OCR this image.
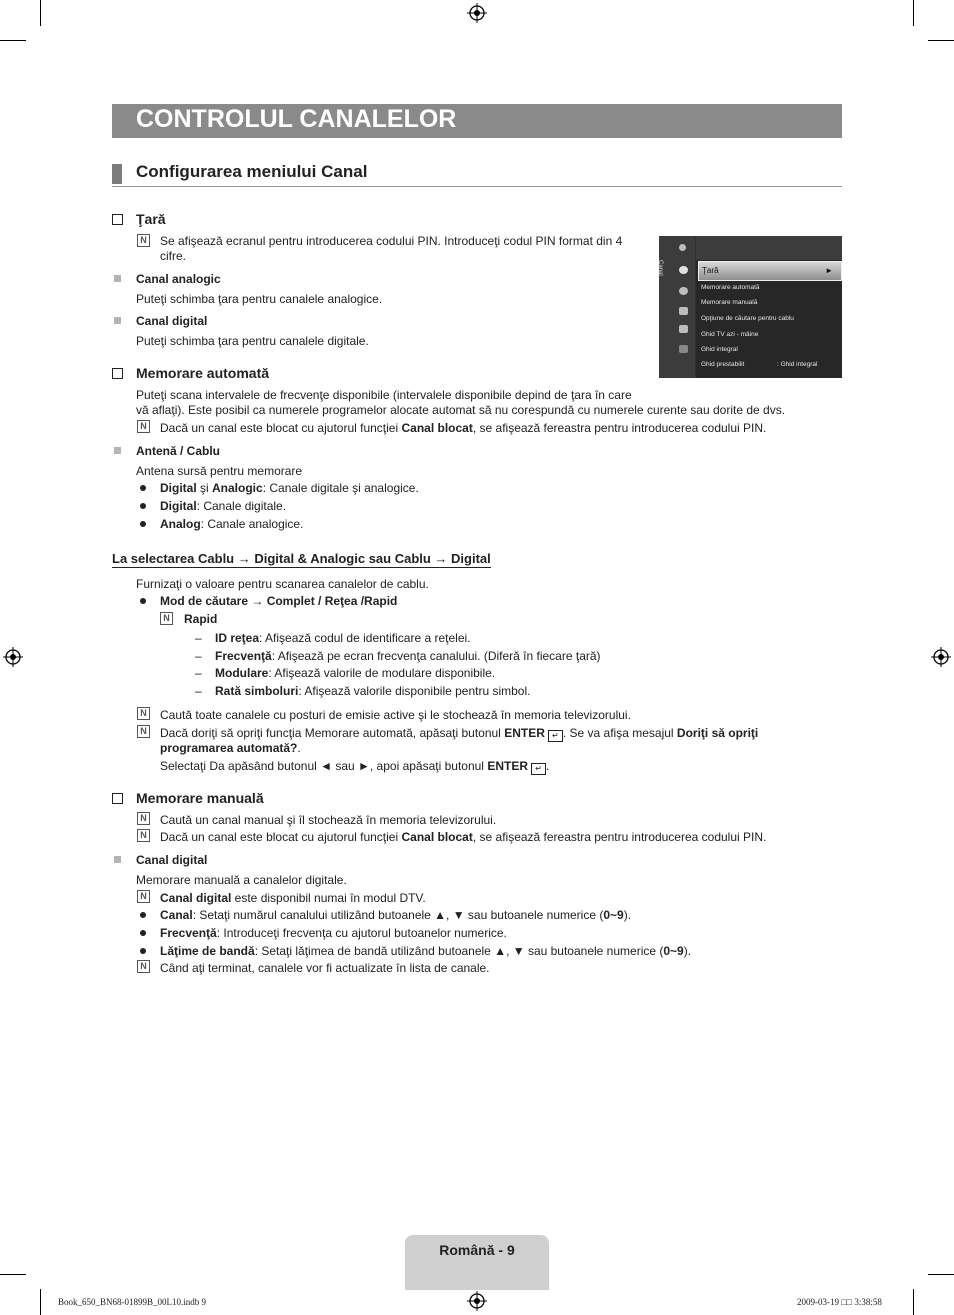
CONTROLUL CANALELOR
Configurarea meniului Canal
Canal	Ţară	►
Memorare automată
Memorare manuală
Opţiune de căutare pentru cablu
Ghid TV azi - mâine
Ghid integral
Ghid prestabilit	: Ghid integral
Ţară
N Se afişează ecranul pentru introducerea codului PIN. Introduceţi codul PIN format din 4
cifre.
Canal analogic
Puteţi schimba ţara pentru canalele analogice.
Canal digital
Puteţi schimba ţara pentru canalele digitale.
Memorare automată
Puteţi scana intervalele de frecvenţe disponibile (intervalele disponibile depind de ţara în care
vă aflaţi). Este posibil ca numerele programelor alocate automat să nu corespundă cu numerele curente sau dorite de dvs.
N Dacă un canal este blocat cu ajutorul funcţiei Canal blocat, se afişează fereastra pentru introducerea codului PIN.
Antenă / Cablu
Antena sursă pentru memorare
Digital şi Analogic: Canale digitale şi analogice.
Digital: Canale digitale.
Analog: Canale analogice.
La selectarea Cablu → Digital & Analogic sau Cablu → Digital
Furnizaţi o valoare pentru scanarea canalelor de cablu.
Mod de căutare → Complet / Reţea /Rapid
N Rapid
– ID reţea: Afişează codul de identificare a reţelei.
– Frecvenţă: Afişează pe ecran frecvenţa canalului. (Diferă în fiecare ţară)
– Modulare: Afişează valorile de modulare disponibile.
– Rată simboluri: Afişează valorile disponibile pentru simbol.
N Caută toate canalele cu posturi de emisie active şi le stochează în memoria televizorului.
N Dacă doriţi să opriţi funcţia Memorare automată, apăsaţi butonul ENTER ↵ . Se va afişa mesajul Doriţi să opriţi
programarea automată?.
Selectaţi Da apăsând butonul ◄ sau ►, apoi apăsaţi butonul ENTER ↵ .
Memorare manuală
N Caută un canal manual şi îl stochează în memoria televizorului.
N Dacă un canal este blocat cu ajutorul funcţiei Canal blocat, se afişează fereastra pentru introducerea codului PIN.
Canal digital
Memorare manuală a canalelor digitale.
N Canal digital este disponibil numai în modul DTV.
Canal: Setaţi numărul canalului utilizând butoanele ▲, ▼ sau butoanele numerice (0~9).
Frecvenţă: Introduceţi frecvenţa cu ajutorul butoanelor numerice.
Lăţime de bandă: Setaţi lăţimea de bandă utilizând butoanele ▲, ▼ sau butoanele numerice (0~9).
N Când aţi terminat, canalele vor fi actualizate în lista de canale.
Română - 9
Book_650_BN68-01899B_00L10.indb 9	2009-03-19 □□ 3:38:58
